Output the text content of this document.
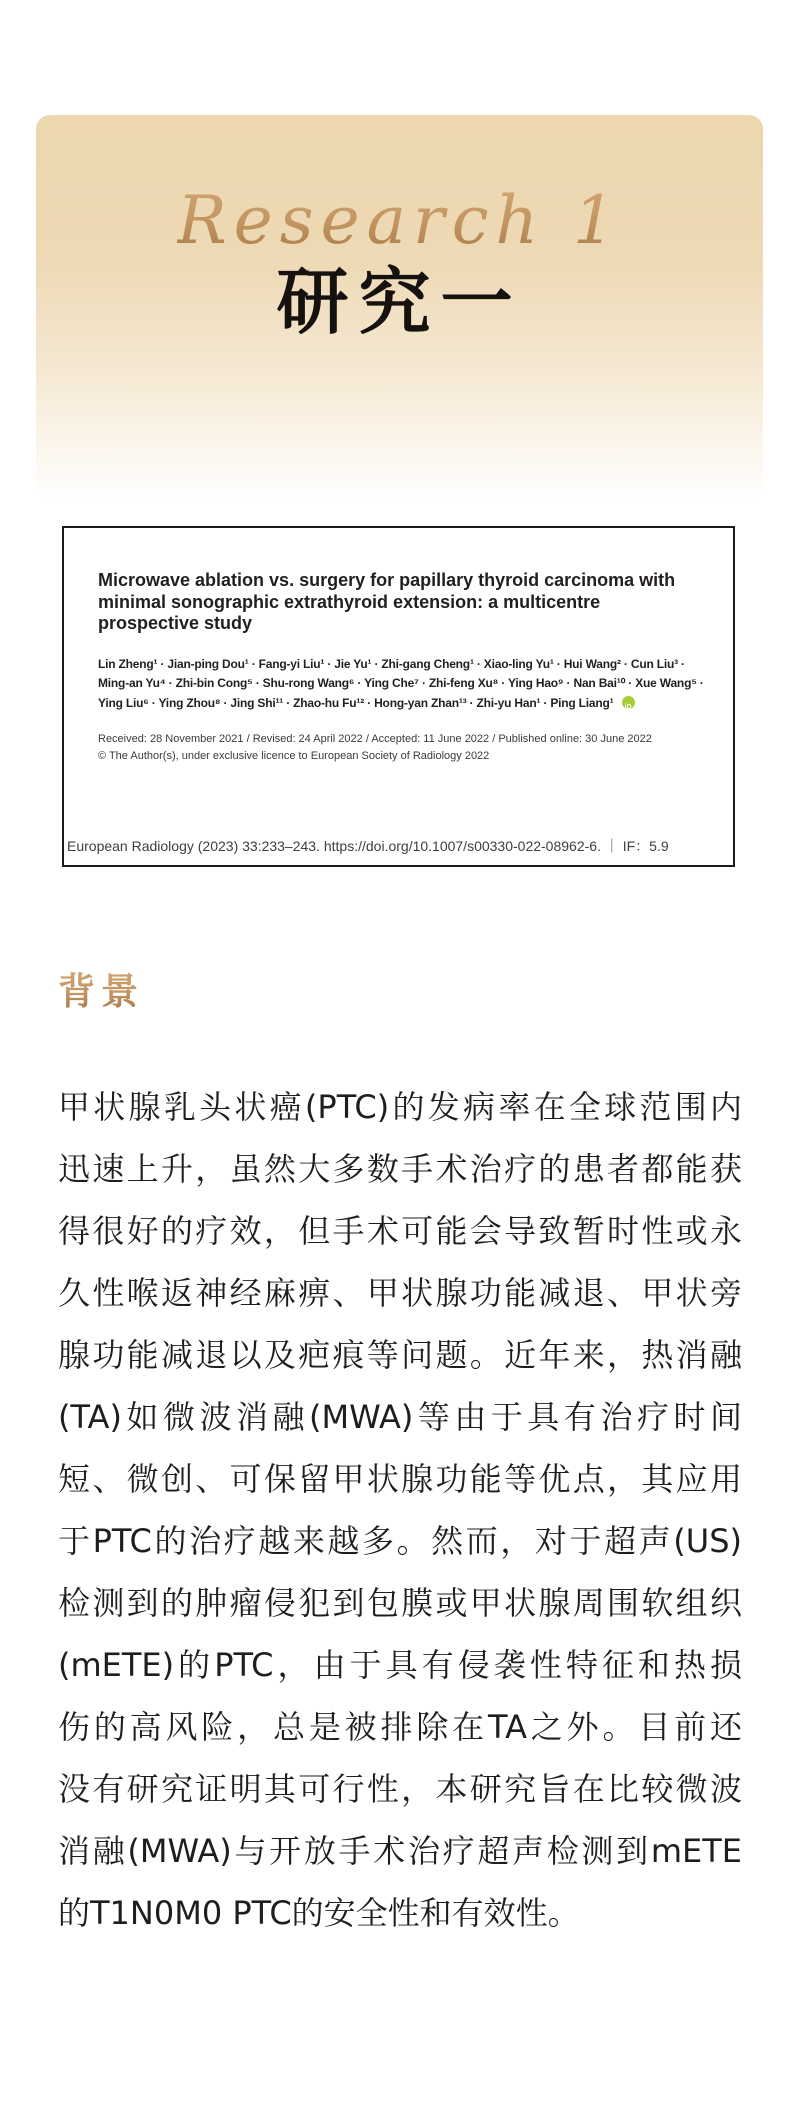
Research 1
研究一
Microwave ablation vs. surgery for papillary thyroid carcinoma with minimal sonographic extrathyroid extension: a multicentre prospective study
Lin Zheng¹ · Jian-ping Dou¹ · Fang-yi Liu¹ · Jie Yu¹ · Zhi-gang Cheng¹ · Xiao-ling Yu¹ · Hui Wang² · Cun Liu³ ·
Ming-an Yu⁴ · Zhi-bin Cong⁵ · Shu-rong Wang⁶ · Ying Che⁷ · Zhi-feng Xu⁸ · Ying Hao⁹ · Nan Bai¹⁰ · Xue Wang⁵ ·
Ying Liu⁶ · Ying Zhou⁸ · Jing Shi¹¹ · Zhao-hu Fu¹² · Hong-yan Zhan¹³ · Zhi-yu Han¹ · Ping Liang¹ iD
Received: 28 November 2021 / Revised: 24 April 2022 / Accepted: 11 June 2022 / Published online: 30 June 2022
© The Author(s), under exclusive licence to European Society of Radiology 2022
European Radiology (2023) 33:233–243. https://doi.org/10.1007/s00330-022-08962-6. ｜ IF：5.9
背景
甲状腺乳头状癌(PTC)的发病率在全球范围内
迅速上升，虽然大多数手术治疗的患者都能获
得很好的疗效，但手术可能会导致暂时性或永
久性喉返神经麻痹、甲状腺功能减退、甲状旁
腺功能减退以及疤痕等问题。近年来，热消融
(TA)如微波消融(MWA)等由于具有治疗时间
短、微创、可保留甲状腺功能等优点，其应用
于PTC的治疗越来越多。然而，对于超声(US)
检测到的肿瘤侵犯到包膜或甲状腺周围软组织
(mETE)的PTC，由于具有侵袭性特征和热损
伤的高风险，总是被排除在TA之外。目前还
没有研究证明其可行性，本研究旨在比较微波
消融(MWA)与开放手术治疗超声检测到mETE
的T1N0M0 PTC的安全性和有效性。
